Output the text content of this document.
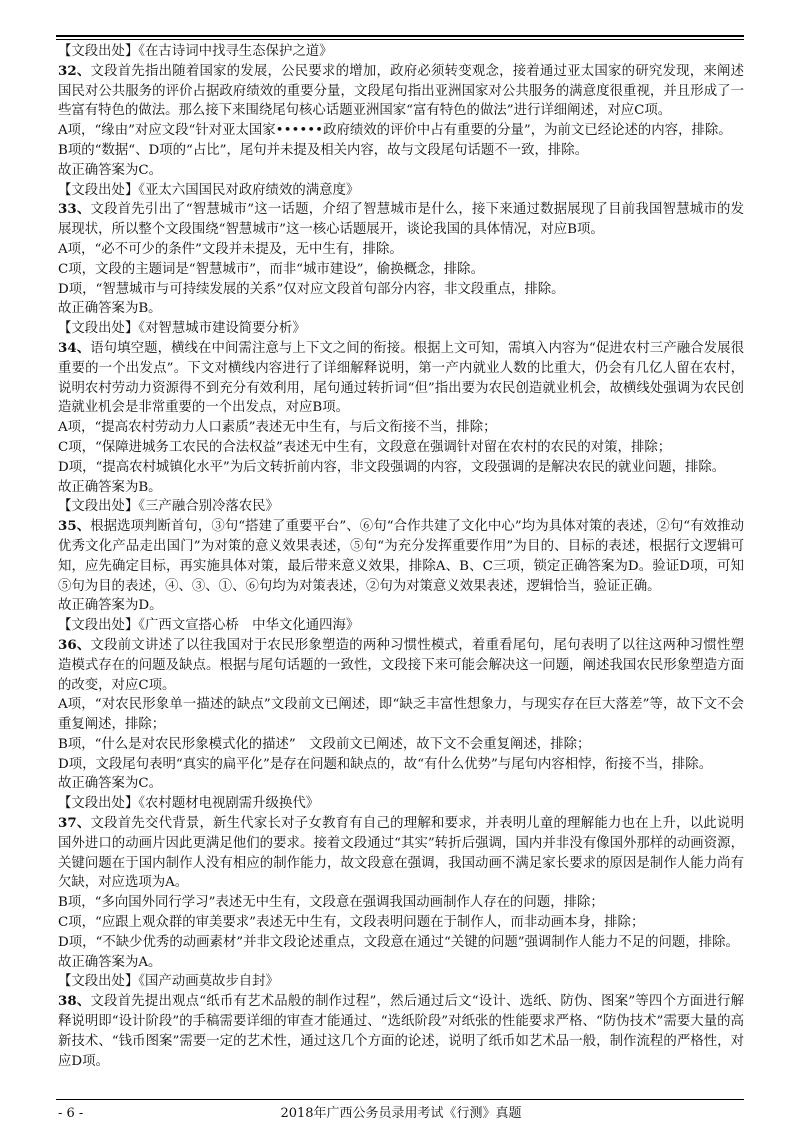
【文段出处】《在古诗词中找寻生态保护之道》

32、文段首先指出随着国家的发展，公民要求的增加，政府必须转变观念，接着通过亚太国家的研究发现，来阐述国民对公共服务的评价占据政府绩效的重要分量，文段尾句指出亚洲国家对公共服务的满意度很重视，并且形成了一些富有特色的做法。那么接下来围绕尾句核心话题亚洲国家“富有特色的做法”进行详细阐述，对应C项。

A项，“缘由”对应文段“针对亚太国家••••••政府绩效的评价中占有重要的分量”，为前文已经论述的内容，排除。

B项的“数据“、D项的“占比”，尾句并未提及相关内容，故与文段尾句话题不一致，排除。

故正确答案为C。

【文段出处】《亚太六国国民对政府绩效的满意度》

33、文段首先引出了“智慧城市”这一话题，介绍了智慧城市是什么，接下来通过数据展现了目前我国智慧城市的发展现状，所以整个文段围绕“智慧城市”这一核心话题展开，谈论我国的具体情况，对应B项。

A项，“必不可少的条件”文段并未提及，无中生有，排除。

C项，文段的主题词是“智慧城市”，而非“城市建设”，偷换概念，排除。

D项，“智慧城市与可持续发展的关系”仅对应文段首句部分内容，非文段重点，排除。

故正确答案为B。

【文段出处】《对智慧城市建设简要分析》

34、语句填空题，横线在中间需注意与上下文之间的衔接。根据上文可知，需填入内容为“促进农村三产融合发展很重要的一个出发点”。下文对横线内容进行了详细解释说明，第一产内就业人数的比重大，仍会有几亿人留在农村，说明农村劳动力资源得不到充分有效利用，尾句通过转折词“但”指出要为农民创造就业机会，故横线处强调为农民创造就业机会是非常重要的一个出发点，对应B项。

A项，“提高农村劳动力人口素质”表述无中生有，与后文衔接不当，排除；

C项，“保障进城务工农民的合法权益”表述无中生有，文段意在强调针对留在农村的农民的对策，排除；

D项，“提高农村城镇化水平”为后文转折前内容，非文段强调的内容，文段强调的是解决农民的就业问题，排除。

故正确答案为B。

【文段出处】《三产融合别冷落农民》

35、根据选项判断首句，③句“搭建了重要平台”、⑥句“合作共建了文化中心”均为具体对策的表述，②句“有效推动优秀文化产品走出国门”为对策的意义效果表述，⑤句“为充分发挥重要作用”为目的、目标的表述，根据行文逻辑可知，应先确定目标，再实施具体对策，最后带来意义效果，排除A、B、C三项，锁定正确答案为D。验证D项，可知⑤句为目的表述，④、③、①、⑥句均为对策表述，②句为对策意义效果表述，逻辑恰当，验证正确。

故正确答案为D。

【文段出处】《广西文宣搭心桥　中华文化通四海》

36、文段前文讲述了以往我国对于农民形象塑造的两种习惯性模式，着重看尾句，尾句表明了以往这两种习惯性塑造模式存在的问题及缺点。根据与尾句话题的一致性，文段接下来可能会解决这一问题，阐述我国农民形象塑造方面的改变，对应C项。

A项，“对农民形象单一描述的缺点”文段前文已阐述，即“缺乏丰富性想象力，与现实存在巨大落差”等，故下文不会重复阐述，排除；

B项，“什么是对农民形象模式化的描述”　文段前文已阐述，故下文不会重复阐述，排除；

D项，文段尾句表明“真实的扁平化”是存在问题和缺点的，故“有什么优势”与尾句内容相悖，衔接不当，排除。

故正确答案为C。

【文段出处】《农村题材电视剧需升级换代》

37、文段首先交代背景，新生代家长对子女教育有自己的理解和要求，并表明儿童的理解能力也在上升，以此说明国外进口的动画片因此更满足他们的要求。接着文段通过“其实”转折后强调，国内并非没有像国外那样的动画资源，关键问题在于国内制作人没有相应的制作能力，故文段意在强调，我国动画不满足家长要求的原因是制作人能力尚有欠缺，对应选项为A。

B项，“多向国外同行学习”表述无中生有，文段意在强调我国动画制作人存在的问题，排除；

C项，“应跟上观众群的审美要求”表述无中生有，文段表明问题在于制作人，而非动画本身，排除；

D项，“不缺少优秀的动画素材”并非文段论述重点，文段意在通过“关键的问题”强调制作人能力不足的问题，排除。

故正确答案为A。

【文段出处】《国产动画莫故步自封》

38、文段首先提出观点“纸币有艺术品般的制作过程”，然后通过后文“设计、选纸、防伪、图案”等四个方面进行解释说明即“设计阶段”的手稿需要详细的审查才能通过、“选纸阶段”对纸张的性能要求严格、“防伪技术”需要大量的高新技术、“钱币图案”需要一定的艺术性，通过这几个方面的论述，说明了纸币如艺术品一般，制作流程的严格性，对应D项。

- 6 -	2018年广西公务员录用考试《行测》真题
